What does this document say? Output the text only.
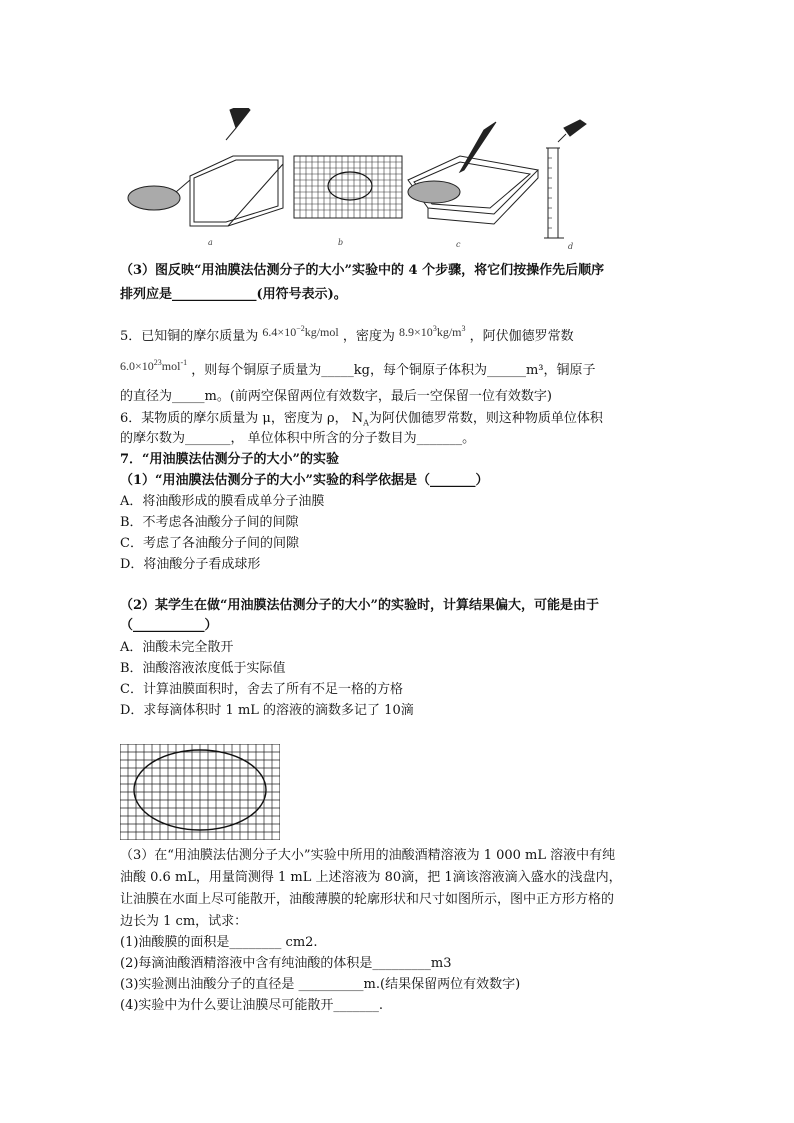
a	b	c	d
（3）图反映“用油膜法估测分子的大小”实验中的 4 个步骤，将它们按操作先后顺序
排列应是_____________(用符号表示)。
5．已知铜的摩尔质量为 $6.4\times 10^{-2}kg$/mol ，密度为 $8.9\times 10^3kg/m^3$ ，阿伏伽德罗常数
$6.0\times 10^{23}mol^{-1}$ ，则每个铜原子质量为_____kg，每个铜原子体积为______m³，铜原子
的直径为_____m。(前两空保留两位有效数字，最后一空保留一位有效数字)
6．某物质的摩尔质量为 μ，密度为 ρ， $N_A$为阿伏伽德罗常数，则这种物质单位体积
的摩尔数为_______， 单位体积中所含的分子数目为_______。
7．“用油膜法估测分子的大小”的实验
（1）“用油膜法估测分子的大小”实验的科学依据是（_______）
A．将油酸形成的膜看成单分子油膜
B．不考虑各油酸分子间的间隙
C．考虑了各油酸分子间的间隙
D．将油酸分子看成球形
（2）某学生在做“用油膜法估测分子的大小”的实验时，计算结果偏大，可能是由于
（___________）
A．油酸未完全散开
B．油酸溶液浓度低于实际值
C．计算油膜面积时，舍去了所有不足一格的方格
D．求每滴体积时 1 mL 的溶液的滴数多记了 10滴
（3）在“用油膜法估测分子大小”实验中所用的油酸酒精溶液为 1 000 mL 溶液中有纯
油酸 0.6 mL，用量筒测得 1 mL 上述溶液为 80滴，把 1滴该溶液滴入盛水的浅盘内，
让油膜在水面上尽可能散开，油酸薄膜的轮廓形状和尺寸如图所示，图中正方形方格的
边长为 1 cm，试求：
(1)油酸膜的面积是________ cm2.
(2)每滴油酸酒精溶液中含有纯油酸的体积是_________m3
(3)实验测出油酸分子的直径是 __________m.(结果保留两位有效数字)
(4)实验中为什么要让油膜尽可能散开_______.
